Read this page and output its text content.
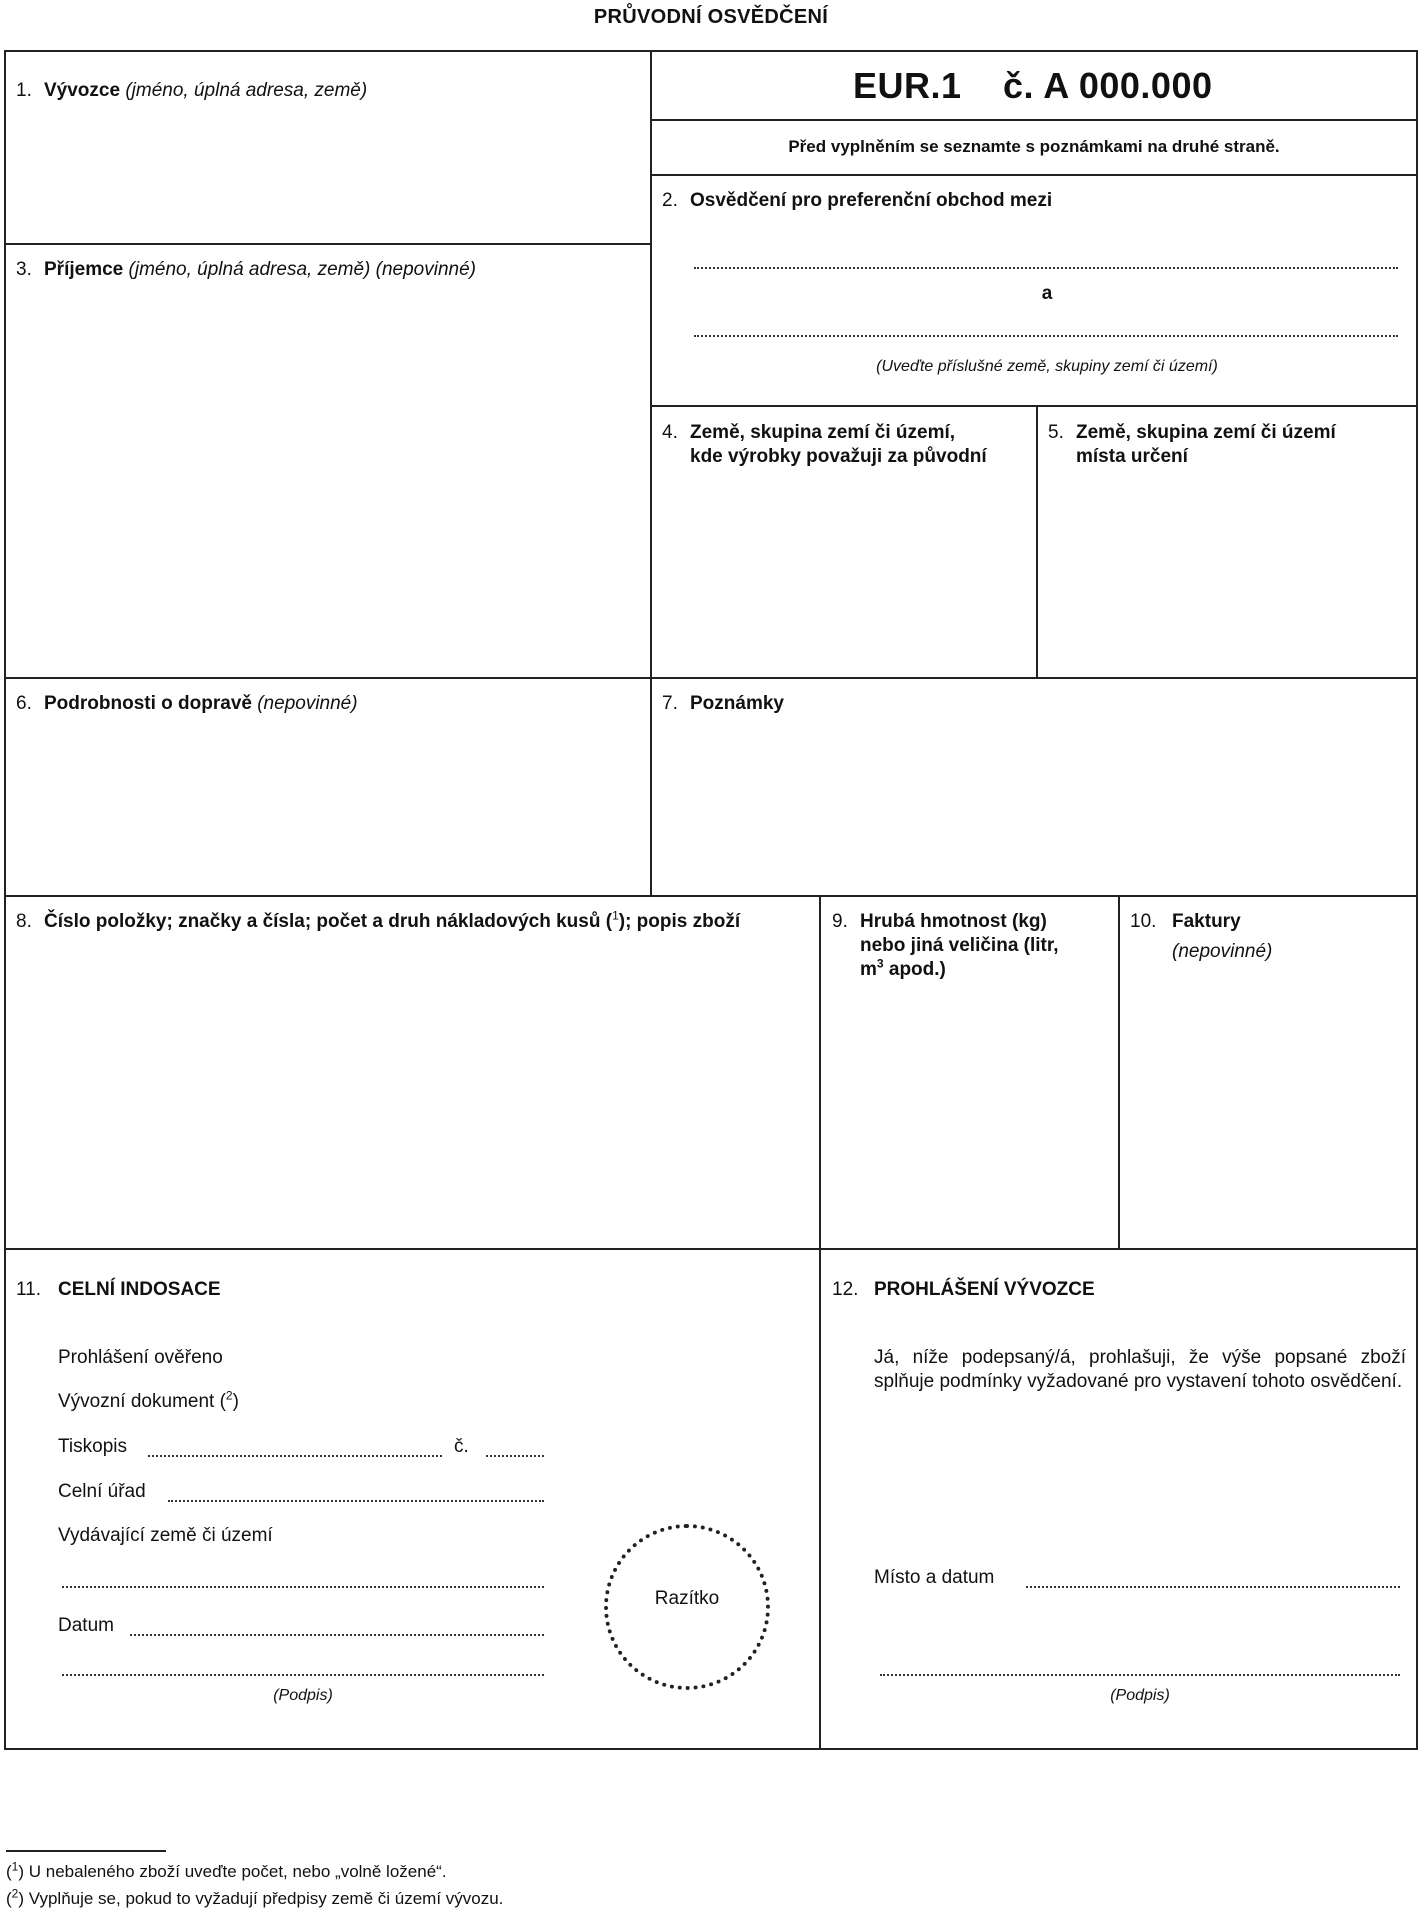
PRŮVODNÍ OSVĚDČENÍ
1. Vývozce (jméno, úplná adresa, země)	EUR.1 č. A 000.000
Před vyplněním se seznamte s poznámkami na druhé straně.
2. Osvědčení pro preferenční obchod mezi
a
(Uveďte příslušné země, skupiny zemí či území)
3. Příjemce (jméno, úplná adresa, země) (nepovinné)
4. Země, skupina zemí či území,
kde výrobky považuji za původní
5. Země, skupina zemí či území
místa určení
6. Podrobnosti o dopravě (nepovinné)	7. Poznámky
8. Číslo položky; značky a čísla; počet a druh nákladových kusů ($^1$); popis zboží	9. Hrubá hmotnost (kg)
nebo jiná veličina (litr,
$m^3$ apod.)
10. Faktury
(nepovinné)
11. CELNÍ INDOSACE
Prohlášení ověřeno
Vývozní dokument ($^2$)
Tiskopis	č.
Celní úřad
Vydávající země či území
Datum
(Podpis)
Razítko
12. PROHLÁŠENÍ VÝVOZCE
Já, níže podepsaný/á, prohlašuji, že výše popsané zboží splňuje podmínky vyžadované pro vystavení tohoto osvědčení.
Místo a datum
(Podpis)
($^1$) U nebaleného zboží uveďte počet, nebo „volně ložené“.
($^2$) Vyplňuje se, pokud to vyžadují předpisy země či území vývozu.
